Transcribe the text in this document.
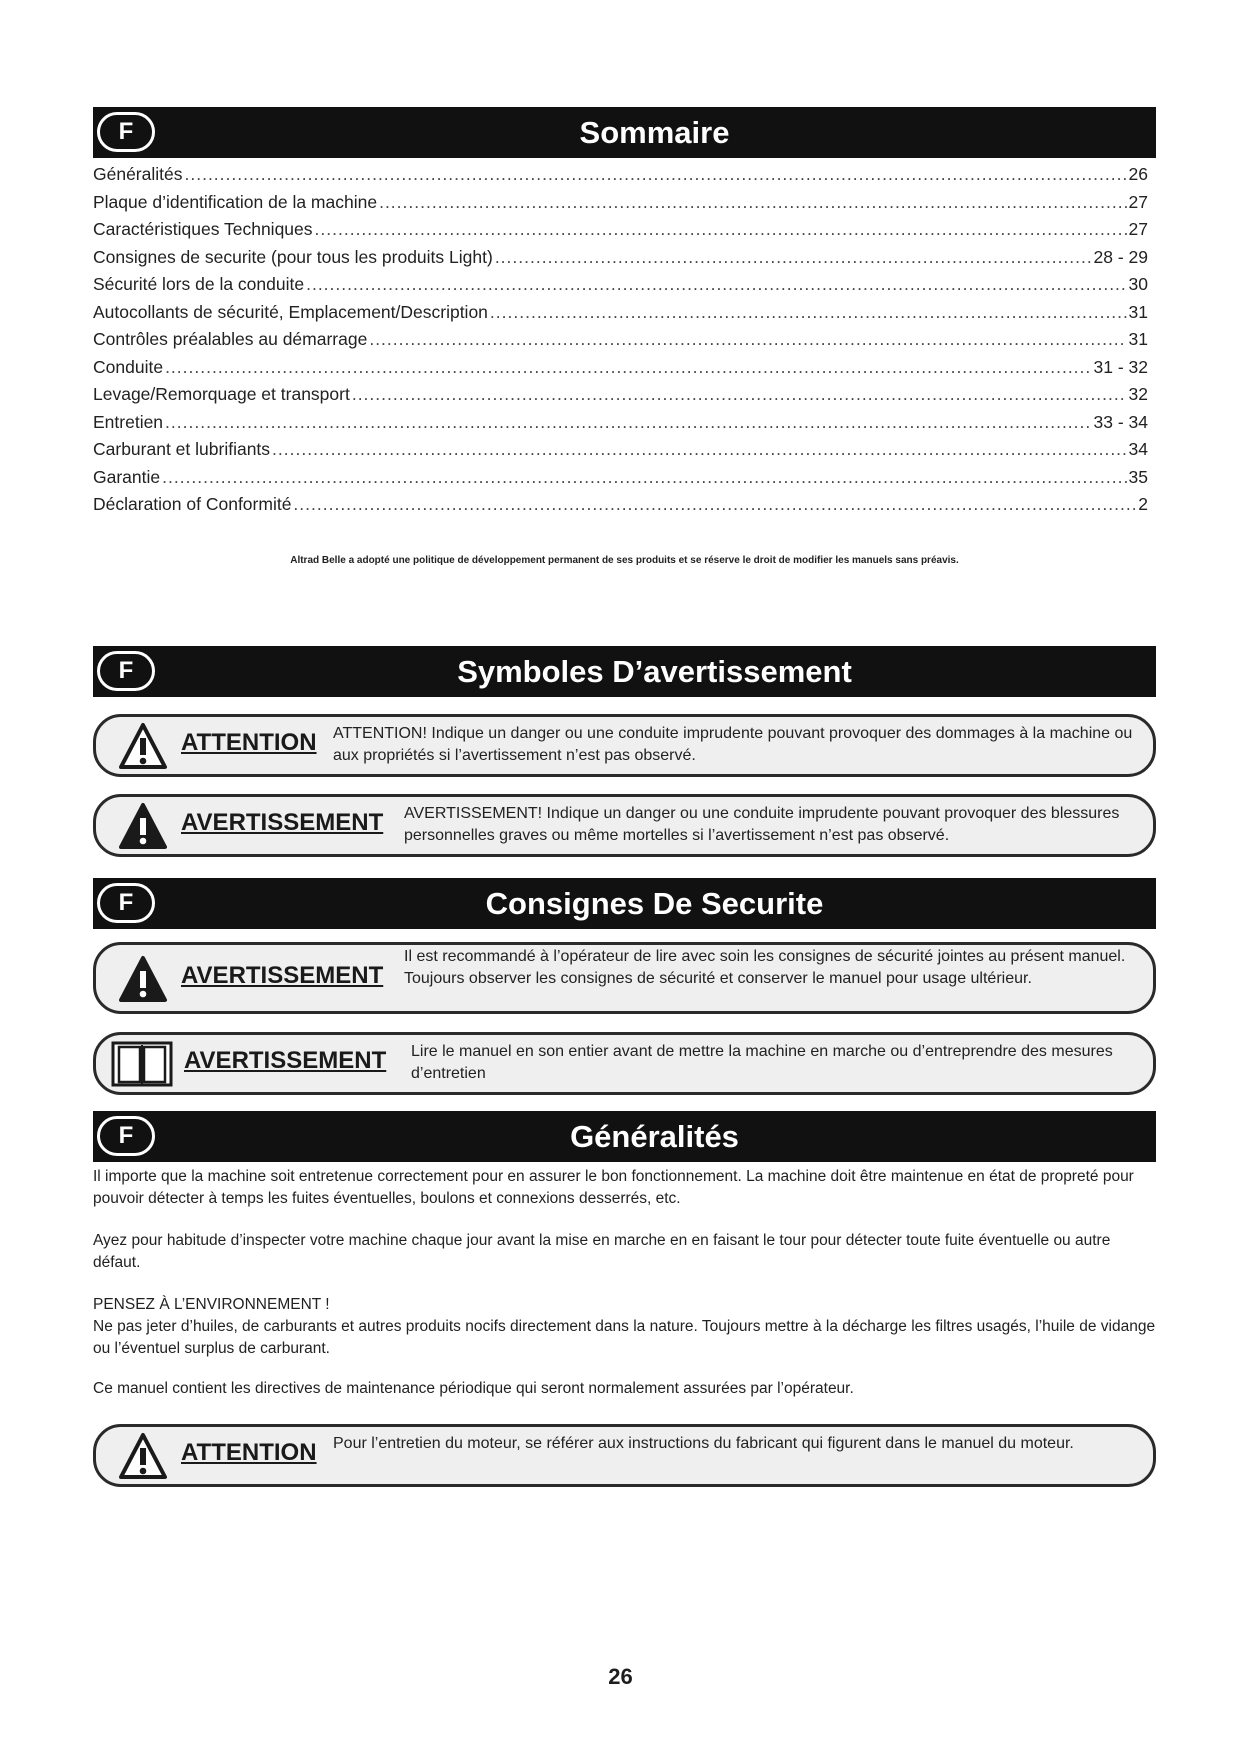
F	Sommaire
Généralités .....	26
Plaque d’identification de la machine .....	27
Caractéristiques Techniques .....	27
Consignes de securite (pour tous les produits Light) .....	28 - 29
Sécurité lors de la conduite .....	30
Autocollants de sécurité, Emplacement/Description .....	31
Contrôles préalables au démarrage .....	31
Conduite .....	31 - 32
Levage/Remorquage et transport .....	32
Entretien .....	33 - 34
Carburant et lubrifiants .....	34
Garantie .....	35
Déclaration of Conformité .....	2
Altrad Belle a adopté une politique de développement permanent de ses produits et se réserve le droit de modifier les manuels sans préavis.
F	Symboles D’avertissement
ATTENTION ATTENTION! Indique un danger ou une conduite imprudente pouvant provoquer des dommages à la machine ou aux propriétés si l’avertissement n’est pas observé.
AVERTISSEMENT AVERTISSEMENT! Indique un danger ou une conduite imprudente pouvant provoquer des blessures personnelles graves ou même mortelles si l’avertissement n’est pas observé.
F	Consignes De Securite
AVERTISSEMENT
Il est recommandé à l’opérateur de lire avec soin les consignes de sécurité jointes au présent manuel. Toujours observer les consignes de sécurité et conserver le manuel pour usage ultérieur.
AVERTISSEMENT Lire le manuel en son entier avant de mettre la machine en marche ou d’entreprendre des mesures d’entretien
F	Généralités

Il importe que la machine soit entretenue correctement pour en assurer le bon fonctionnement. La machine doit être maintenue en état de propreté pour pouvoir détecter à temps les fuites éventuelles, boulons et connexions desserrés, etc.

Ayez pour habitude d’inspecter votre machine chaque jour avant la mise en marche en en faisant le tour pour détecter toute fuite éventuelle ou autre défaut.

PENSEZ À L’ENVIRONNEMENT !

Ne pas jeter d’huiles, de carburants et autres produits nocifs directement dans la nature. Toujours mettre à la décharge les filtres usagés, l’huile de vidange ou l’éventuel surplus de carburant.

Ce manuel contient les directives de maintenance périodique qui seront normalement assurées par l’opérateur.

ATTENTION Pour l’entretien du moteur, se référer aux instructions du fabricant qui figurent dans le manuel du moteur.
26
